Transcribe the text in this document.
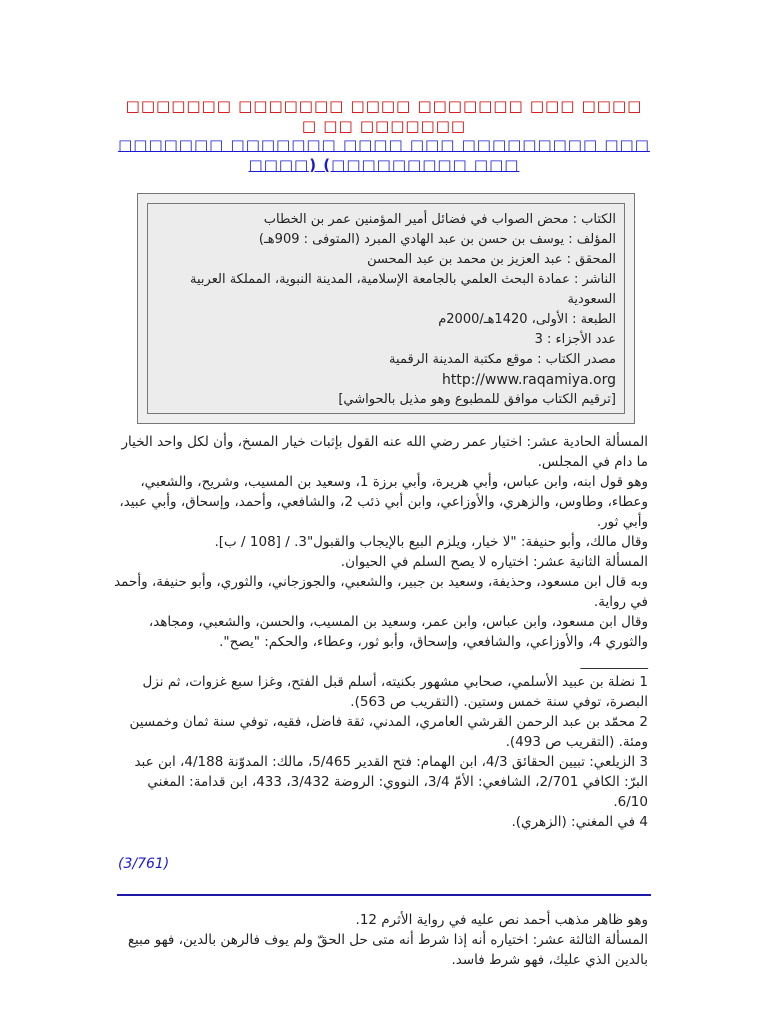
□□□□□□□ □□□□□□□ □□□□ □□□□□□□ □□□ □□□□□ □□ □□□□□□□
□□□□□□□ □□□□□□□ □□□□ □□□ □□□□□□□□□ □□□ □□□□) (□□□□□□□□□ □□□
الكتاب : محض الصواب في فضائل أمير المؤمنين عمر بن الخطاب
المؤلف : يوسف بن حسن بن عبد الهادي المبرد (المتوفى : 909هـ)
المحقق : عبد العزيز بن محمد بن عبد المحسن
الناشر : عمادة البحث العلمي بالجامعة الإسلامية، المدينة النبوية، المملكة العربية السعودية
الطبعة : الأولى، 1420هـ/2000م
عدد الأجزاء : 3
مصدر الكتاب : موقع مكتبة المدينة الرقمية
http://www.raqamiya.org
[ترقيم الكتاب موافق للمطبوع وهو مذيل بالحواشي]

المسألة الحادية عشر: اختيار عمر رضي الله عنه القول بإثبات خيار المسخ، وأن لكل واحد الخيار ما دام في المجلس.

وهو قول ابنه، وابن عباس، وأبي هريرة، وأبي برزة 1، وسعيد بن المسيب، وشريح، والشعبي، وعطاء، وطاوس، والزهري، والأوزاعي، وابن أبي ذئب 2، والشافعي، وأحمد، وإسحاق، وأبي عبيد، وأبي ثور.

وقال مالك، وأبو حنيفة: "لا خيار، ويلزم البيع بالإيجاب والقبول"3. / [108 / ب].

المسألة الثانية عشر: اختياره لا يصح السلم في الحيوان.

وبه قال ابن مسعود، وحذيفة، وسعيد بن جبير، والشعبي، والجوزجاني، والثوري، وأبو حنيفة، وأحمد في رواية.

وقال ابن مسعود، وابن عباس، وابن عمر، وسعيد بن المسيب، والحسن، والشعبي، ومجاهد، والثوري 4، والأوزاعي، والشافعي، وإسحاق، وأبو ثور، وعطاء، والحكم: "يصح".

__________

1 نضلة بن عبيد الأسلمي، صحابي مشهور بكنيته، أسلم قبل الفتح، وغزا سبع غزوات، ثم نزل البصرة، توفي سنة خمس وستين. (التقريب ص 563).

2 محمّد بن عبد الرحمن القرشي العامري، المدني، ثقة فاضل، فقيه، توفي سنة ثمان وخمسين ومئة. (التقريب ص 493).

3 الزيلعي: تبيين الحقائق 4/3، ابن الهمام: فتح القدير 5/465، مالك: المدوّنة 4/188، ابن عبد البرّ: الكافي 2/701، الشافعي: الأمّ 3/4، النووي: الروضة 3/432، 433، ابن قدامة: المغني 6/10.

4 في المغني: (الزهري).

(3/761)

وهو ظاهر مذهب أحمد نص عليه في رواية الأثرم 12.

المسألة الثالثة عشر: اختياره أنه إذا شرط أنه متى حل الحقّ ولم يوف فالرهن بالدين، فهو مبيع بالدين الذي عليك، فهو شرط فاسد.
